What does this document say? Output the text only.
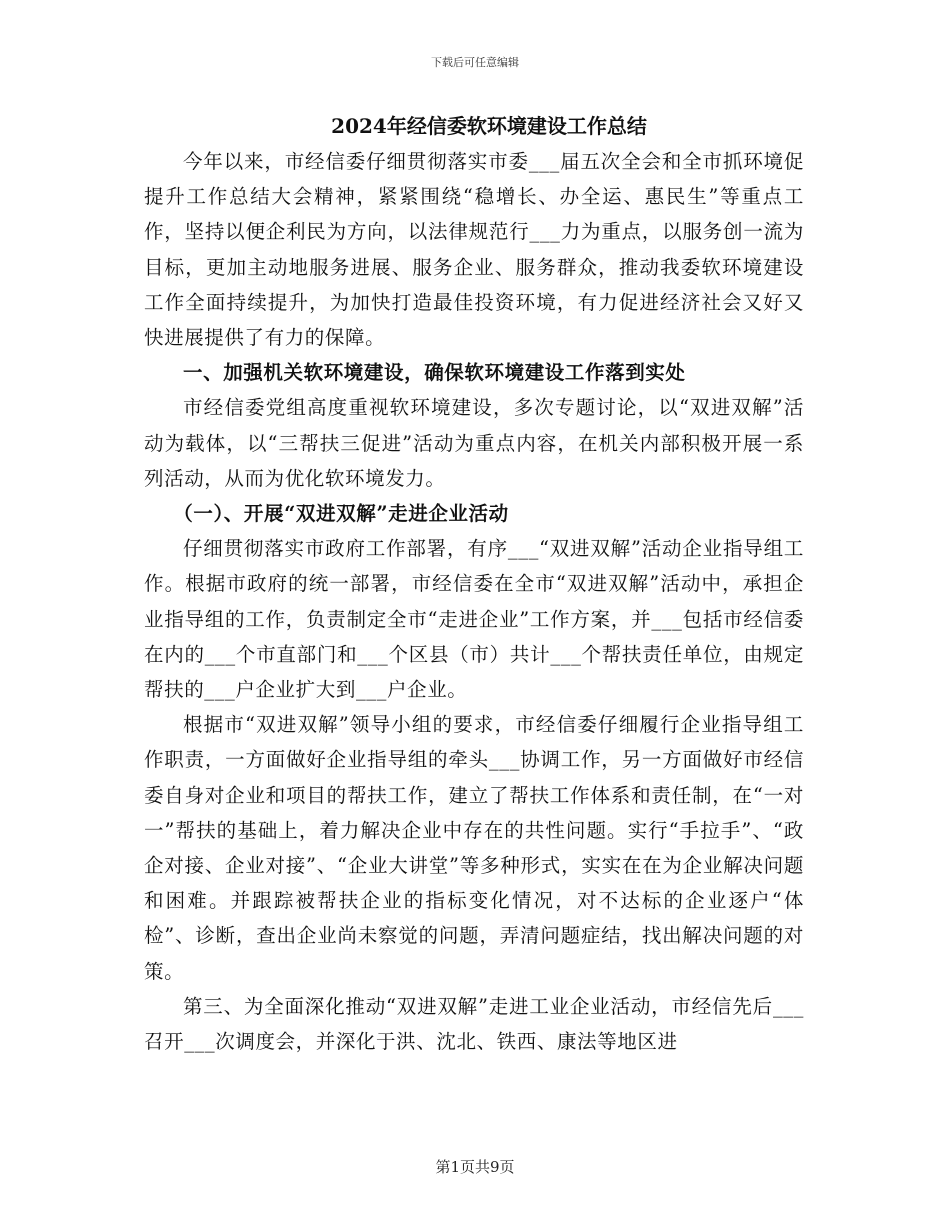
下载后可任意编辑
2024年经信委软环境建设工作总结

今年以来，市经信委仔细贯彻落实市委___届五次全会和全市抓环境促提升工作总结大会精神，紧紧围绕“稳增长、办全运、惠民生”等重点工作，坚持以便企利民为方向，以法律规范行___力为重点，以服务创一流为目标，更加主动地服务进展、服务企业、服务群众，推动我委软环境建设工作全面持续提升，为加快打造最佳投资环境，有力促进经济社会又好又快进展提供了有力的保障。

一、加强机关软环境建设，确保软环境建设工作落到实处

市经信委党组高度重视软环境建设，多次专题讨论，以“双进双解”活动为载体，以“三帮扶三促进”活动为重点内容，在机关内部积极开展一系列活动，从而为优化软环境发力。

（一）、开展“双进双解”走进企业活动

仔细贯彻落实市政府工作部署，有序___“双进双解”活动企业指导组工作。根据市政府的统一部署，市经信委在全市“双进双解”活动中，承担企业指导组的工作，负责制定全市“走进企业”工作方案，并___包括市经信委在内的___个市直部门和___个区县（市）共计___个帮扶责任单位，由规定帮扶的___户企业扩大到___户企业。

根据市“双进双解”领导小组的要求，市经信委仔细履行企业指导组工作职责，一方面做好企业指导组的牵头___协调工作，另一方面做好市经信委自身对企业和项目的帮扶工作，建立了帮扶工作体系和责任制，在“一对一”帮扶的基础上，着力解决企业中存在的共性问题。实行“手拉手”、“政企对接、企业对接”、“企业大讲堂”等多种形式，实实在在为企业解决问题和困难。并跟踪被帮扶企业的指标变化情况，对不达标的企业逐户“体检”、诊断，查出企业尚未察觉的问题，弄清问题症结，找出解决问题的对策。

第三、为全面深化推动“双进双解”走进工业企业活动，市经信先后___召开___次调度会，并深化于洪、沈北、铁西、康法等地区进

第1页共9页
